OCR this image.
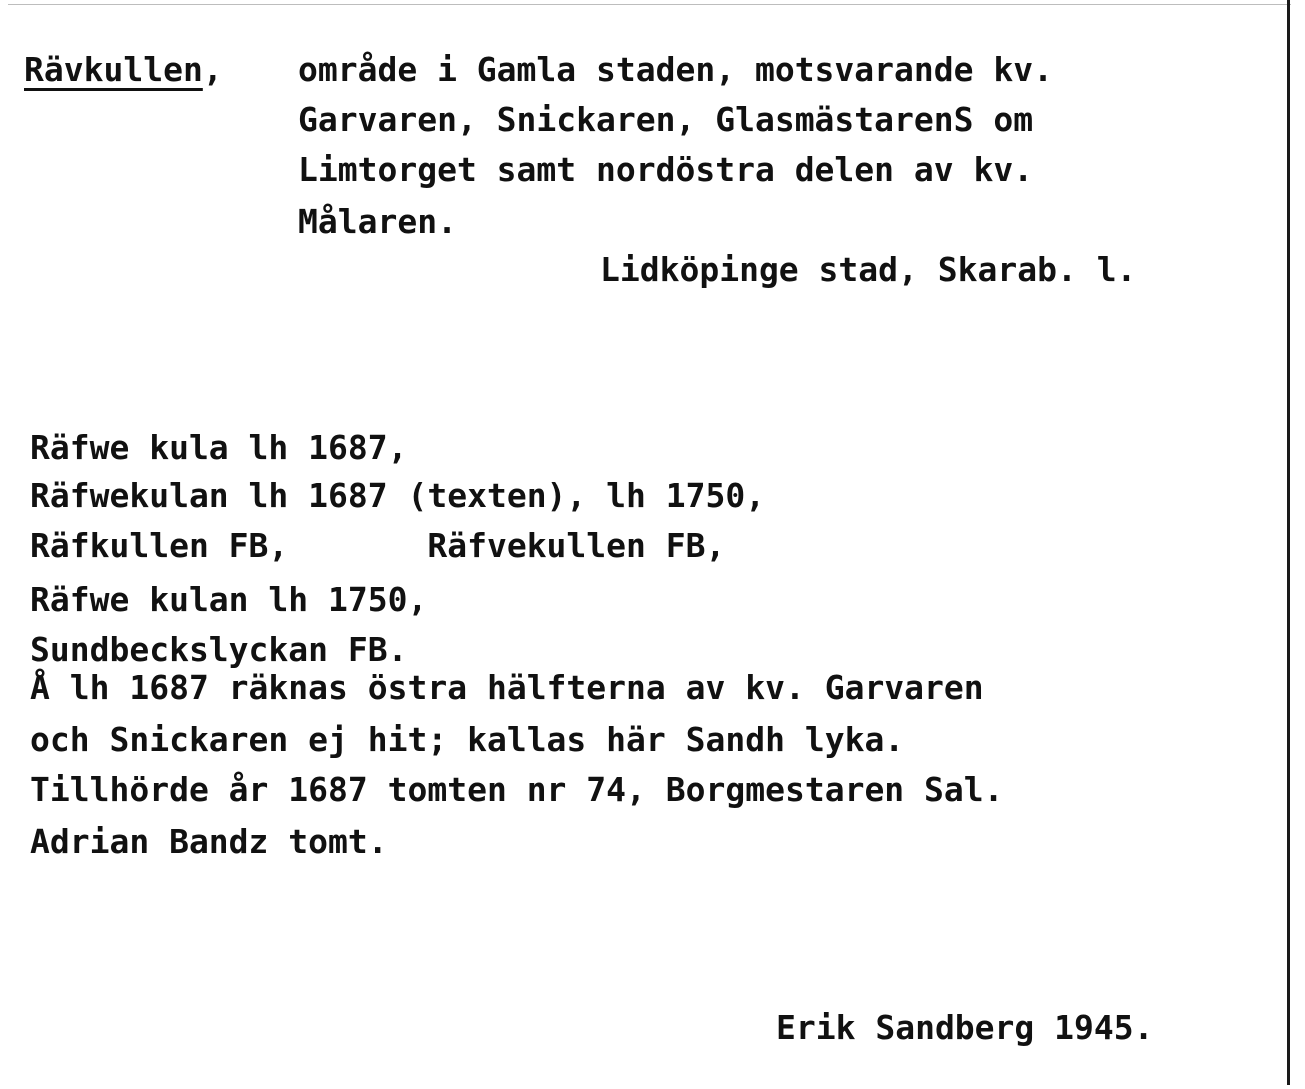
Rävkullen, område i Gamla staden, motsvarande kv.
Garvaren, Snickaren, GlasmästarenS om
Limtorget samt nordöstra delen av kv.
Målaren.
Lidköpinge stad, Skarab. l.
Räfwe kula lh 1687,
Räfwekulan lh 1687 (texten), lh 1750,
Räfkullen FB,       Räfvekullen FB,
Räfwe kulan lh 1750,
Sundbeckslyckan FB.
Å lh 1687 räknas östra hälfterna av kv. Garvaren
och Snickaren ej hit; kallas här Sandh lyka.
Tillhörde år 1687 tomten nr 74, Borgmestaren Sal.
Adrian Bandz tomt.
Erik Sandberg 1945.
